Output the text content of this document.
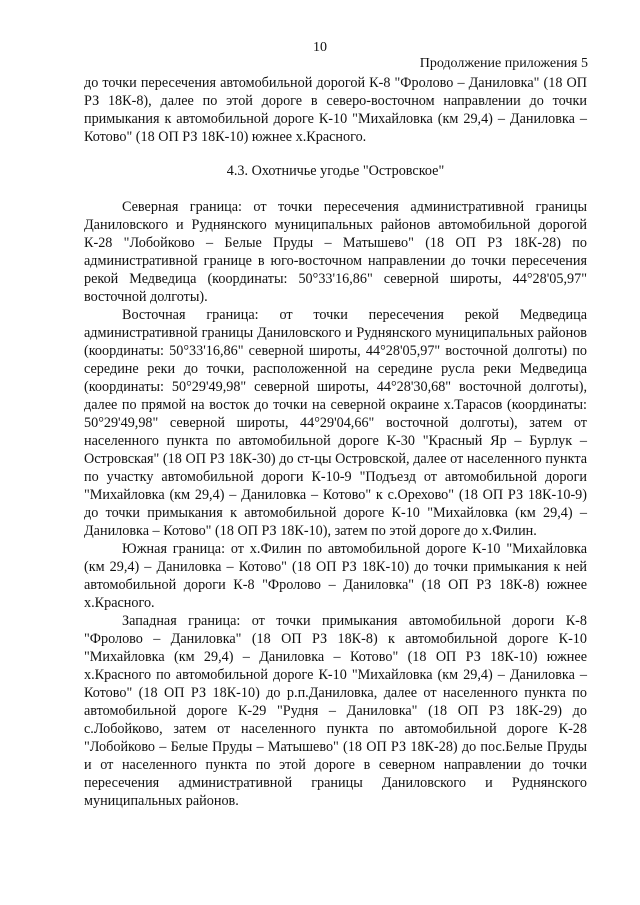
10
Продолжение приложения 5

до точки пересечения автомобильной дорогой К-8 "Фролово – Даниловка" (18 ОП РЗ 18К-8), далее по этой дороге в северо-восточном направлении до точки примыкания к автомобильной дороге К-10 "Михайловка (км 29,4) – Даниловка – Котово" (18 ОП РЗ 18К-10) южнее х.Красного.

4.3. Охотничье угодье "Островское"

Северная граница: от точки пересечения административной границы Даниловского и Руднянского муниципальных районов автомобильной дорогой К-28 "Лобойково – Белые Пруды – Матышево" (18 ОП РЗ 18К-28) по административной границе в юго-восточном направлении до точки пересечения рекой Медведица (координаты: 50°33'16,86" северной широты, 44°28'05,97" восточной долготы).

Восточная граница: от точки пересечения рекой Медведица административной границы Даниловского и Руднянского муниципальных районов (координаты: 50°33'16,86" северной широты, 44°28'05,97" восточной долготы) по середине реки до точки, расположенной на середине русла реки Медведица (координаты: 50°29'49,98" северной широты, 44°28'30,68" восточной долготы), далее по прямой на восток до точки на северной окраине х.Тарасов (координаты: 50°29'49,98" северной широты, 44°29'04,66" восточной долготы), затем от населенного пункта по автомобильной дороге К-30 "Красный Яр – Бурлук – Островская" (18 ОП РЗ 18К-30) до ст-цы Островской, далее от населенного пункта по участку автомобильной дороги К-10-9 "Подъезд от автомобильной дороги "Михайловка (км 29,4) – Даниловка – Котово" к с.Орехово" (18 ОП РЗ 18К-10-9) до точки примыкания к автомобильной дороге К-10 "Михайловка (км 29,4) – Даниловка – Котово" (18 ОП РЗ 18К-10), затем по этой дороге до х.Филин.

Южная граница: от х.Филин по автомобильной дороге К-10 "Михайловка (км 29,4) – Даниловка – Котово" (18 ОП РЗ 18К-10) до точки примыкания к ней автомобильной дороги К-8 "Фролово – Даниловка" (18 ОП РЗ 18К-8) южнее х.Красного.

Западная граница: от точки примыкания автомобильной дороги К-8 "Фролово – Даниловка" (18 ОП РЗ 18К-8) к автомобильной дороге К-10 "Михайловка (км 29,4) – Даниловка – Котово" (18 ОП РЗ 18К-10) южнее х.Красного по автомобильной дороге К-10 "Михайловка (км 29,4) – Даниловка – Котово" (18 ОП РЗ 18К-10) до р.п.Даниловка, далее от населенного пункта по автомобильной дороге К-29 "Рудня – Даниловка" (18 ОП РЗ 18К-29) до с.Лобойково, затем от населенного пункта по автомобильной дороге К-28 "Лобойково – Белые Пруды – Матышево" (18 ОП РЗ 18К-28) до пос.Белые Пруды и от населенного пункта по этой дороге в северном направлении до точки пересечения административной границы Даниловского и Руднянского муниципальных районов.
